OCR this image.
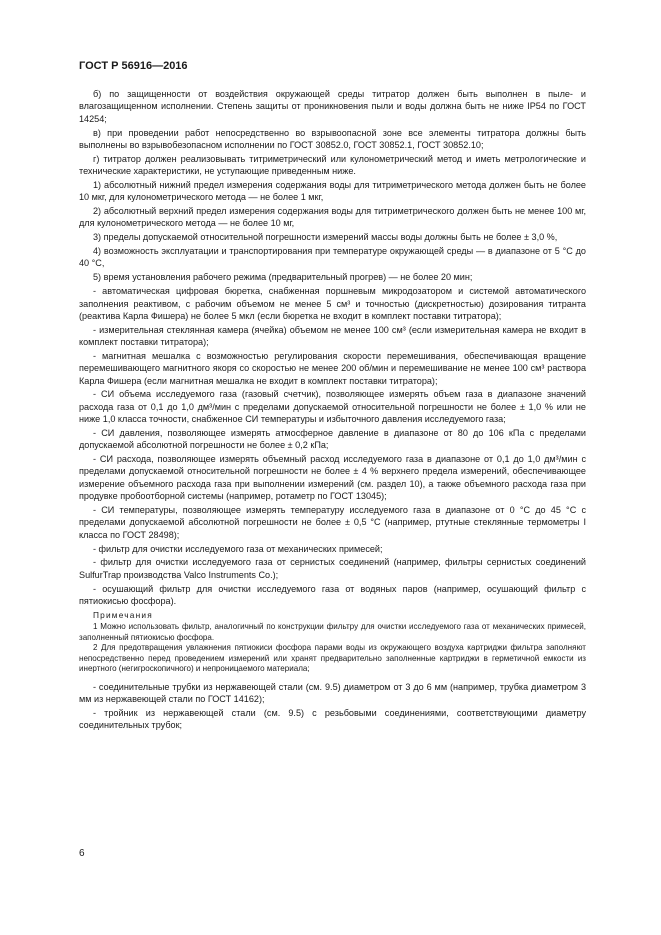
ГОСТ Р 56916—2016

б) по защищенности от воздействия окружающей среды титратор должен быть выполнен в пыле- и влагозащищенном исполнении. Степень защиты от проникновения пыли и воды должна быть не ниже IP54 по ГОСТ 14254;

в) при проведении работ непосредственно во взрывоопасной зоне все элементы титратора должны быть выполнены во взрывобезопасном исполнении по ГОСТ 30852.0, ГОСТ 30852.1, ГОСТ 30852.10;

г) титратор должен реализовывать титриметрический или кулонометрический метод и иметь метрологические и технические характеристики, не уступающие приведенным ниже.

1) абсолютный нижний предел измерения содержания воды для титриметрического метода должен быть не более 10 мкг, для кулонометрического метода — не более 1 мкг,

2) абсолютный верхний предел измерения содержания воды для титриметрического должен быть не менее 100 мг, для кулонометрического метода — не более 10 мг,

3) пределы допускаемой относительной погрешности измерений массы воды должны быть не более ± 3,0 %,

4) возможность эксплуатации и транспортирования при температуре окружающей среды — в диапазоне от 5 °С до 40 °С,

5) время установления рабочего режима (предварительный прогрев) — не более 20 мин;

- автоматическая цифровая бюретка, снабженная поршневым микродозатором и системой автоматического заполнения реактивом, с рабочим объемом не менее 5 см³ и точностью (дискретностью) дозирования титранта (реактива Карла Фишера) не более 5 мкл (если бюретка не входит в комплект поставки титратора);

- измерительная стеклянная камера (ячейка) объемом не менее 100 см³ (если измерительная камера не входит в комплект поставки титратора);

- магнитная мешалка с возможностью регулирования скорости перемешивания, обеспечивающая вращение перемешивающего магнитного якоря со скоростью не менее 200 об/мин и перемешивание не менее 100 см³ раствора Карла Фишера (если магнитная мешалка не входит в комплект поставки титратора);

- СИ объема исследуемого газа (газовый счетчик), позволяющее измерять объем газа в диапазоне значений расхода газа от 0,1 до 1,0 дм³/мин с пределами допускаемой относительной погрешности не более ± 1,0 % или не ниже 1,0 класса точности, снабженное СИ температуры и избыточного давления исследуемого газа;

- СИ давления, позволяющее измерять атмосферное давление в диапазоне от 80 до 106 кПа с пределами допускаемой абсолютной погрешности не более ± 0,2 кПа;

- СИ расхода, позволяющее измерять объемный расход исследуемого газа в диапазоне от 0,1 до 1,0 дм³/мин с пределами допускаемой относительной погрешности не более ± 4 % верхнего предела измерений, обеспечивающее измерение объемного расхода газа при выполнении измерений (см. раздел 10), а также объемного расхода газа при продувке пробоотборной системы (например, ротаметр по ГОСТ 13045);

- СИ температуры, позволяющее измерять температуру исследуемого газа в диапазоне от 0 °С до 45 °С с пределами допускаемой абсолютной погрешности не более ± 0,5 °С (например, ртутные стеклянные термометры I класса по ГОСТ 28498);

- фильтр для очистки исследуемого газа от механических примесей;

- фильтр для очистки исследуемого газа от сернистых соединений (например, фильтры сернистых соединений SulfurTrap производства Valco Instruments Co.);

- осушающий фильтр для очистки исследуемого газа от водяных паров (например, осушающий фильтр с пятиокисью фосфора).

Примечания

1 Можно использовать фильтр, аналогичный по конструкции фильтру для очистки исследуемого газа от механических примесей, заполненный пятиокисью фосфора.

2 Для предотвращения увлажнения пятиокиси фосфора парами воды из окружающего воздуха картриджи фильтра заполняют непосредственно перед проведением измерений или хранят предварительно заполненные картриджи в герметичной емкости из инертного (негигроскопичного) и непроницаемого материала;

- соединительные трубки из нержавеющей стали (см. 9.5) диаметром от 3 до 6 мм (например, трубка диаметром 3 мм из нержавеющей стали по ГОСТ 14162);

- тройник из нержавеющей стали (см. 9.5) с резьбовыми соединениями, соответствующими диаметру соединительных трубок;

6
